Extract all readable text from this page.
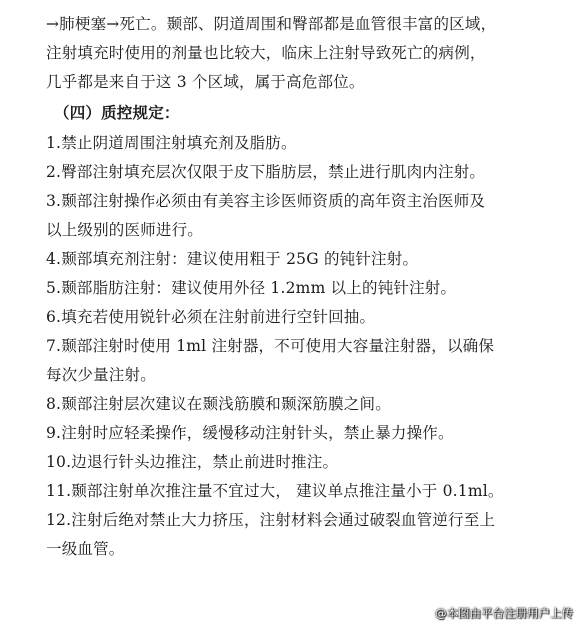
→肺梗塞→死亡。颞部、阴道周围和臀部都是血管很丰富的区域，
注射填充时使用的剂量也比较大，临床上注射导致死亡的病例，
几乎都是来自于这 3 个区域，属于高危部位。
（四）质控规定：
1.禁止阴道周围注射填充剂及脂肪。
2.臀部注射填充层次仅限于皮下脂肪层，禁止进行肌肉内注射。
3.颞部注射操作必须由有美容主诊医师资质的高年资主治医师及
以上级别的医师进行。
4.颞部填充剂注射：建议使用粗于 25G 的钝针注射。
5.颞部脂肪注射：建议使用外径 1.2mm 以上的钝针注射。
6.填充若使用锐针必须在注射前进行空针回抽。
7.颞部注射时使用 1ml 注射器，不可使用大容量注射器，以确保
每次少量注射。
8.颞部注射层次建议在颞浅筋膜和颞深筋膜之间。
9.注射时应轻柔操作，缓慢移动注射针头，禁止暴力操作。
10.边退行针头边推注，禁止前进时推注。
11.颞部注射单次推注量不宜过大， 建议单点推注量小于 0.1ml。
12.注射后绝对禁止大力挤压，注射材料会通过破裂血管逆行至上
一级血管。
@本图由平台注册用户上传
